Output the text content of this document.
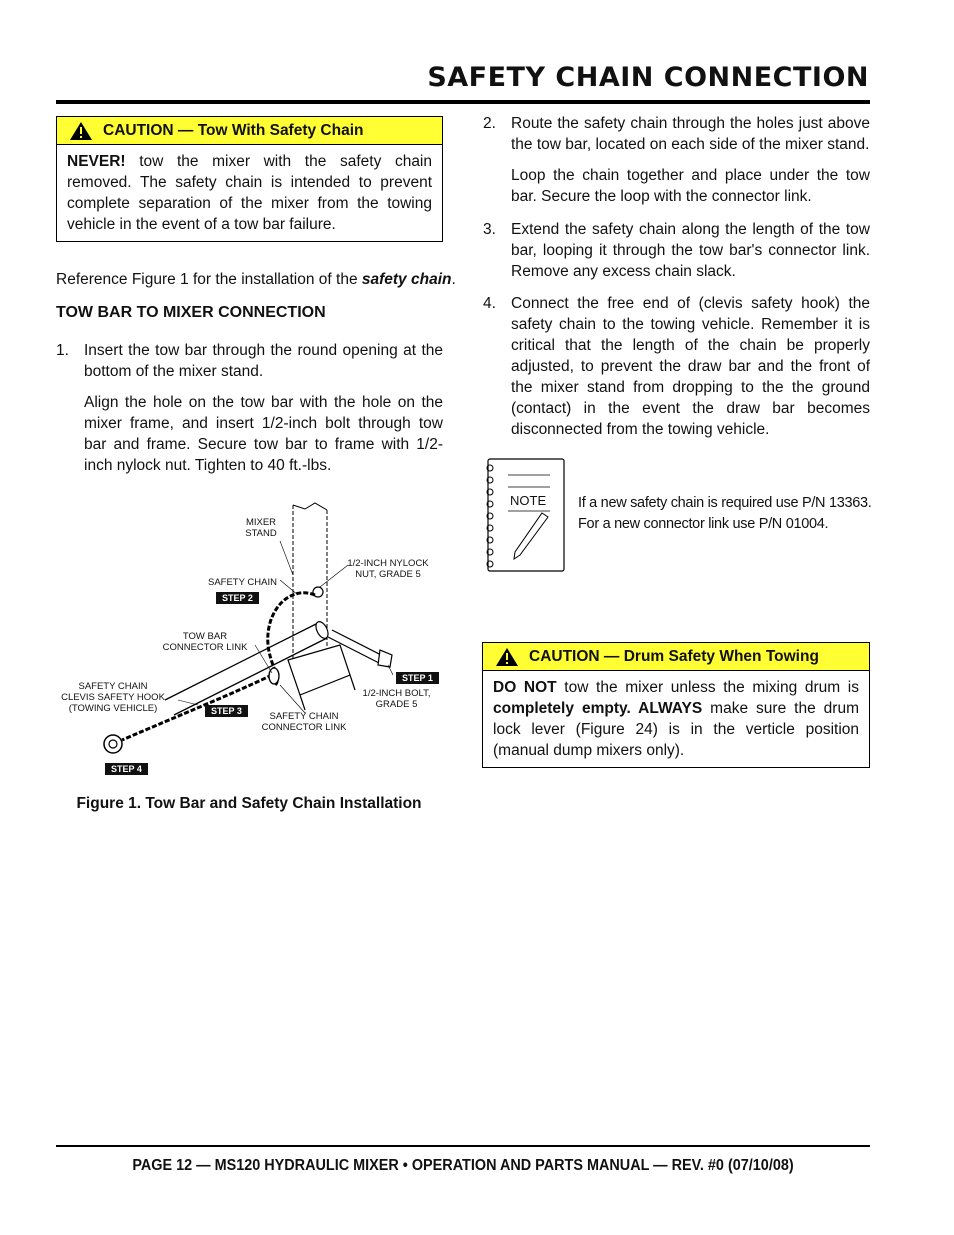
SAFETY CHAIN CONNECTION
CAUTION — Tow With Safety Chain
NEVER! tow the mixer with the safety chain removed. The safety chain is intended to prevent complete separation of the mixer from the towing vehicle in the event of a tow bar failure.
Reference Figure 1 for the installation of the safety chain.
TOW BAR TO MIXER CONNECTION
1. Insert the tow bar through the round opening at the bottom of the mixer stand.
Align the hole on the tow bar with the hole on the mixer frame, and insert 1/2-inch bolt through tow bar and frame. Secure tow bar to frame with 1/2-inch nylock nut. Tighten to 40 ft.-lbs.
MIXER
STAND
1/2-INCH NYLOCK
NUT, GRADE 5
SAFETY CHAIN
STEP 2
TOW BAR
CONNECTOR LINK
STEP 1
SAFETY CHAIN
CLEVIS SAFETY HOOK
(TOWING VEHICLE)
1/2-INCH BOLT,
GRADE 5
STEP 3	SAFETY CHAIN
CONNECTOR LINK
STEP 4
Figure 1. Tow Bar and Safety Chain Installation
2. Route the safety chain through the holes just above the tow bar, located on each side of the mixer stand.
Loop the chain together and place under the tow bar. Secure the loop with the connector link.
3. Extend the safety chain along the length of the tow bar, looping it through the tow bar's connector link. Remove any excess chain slack.
4. Connect the free end of (clevis safety hook) the safety chain to the towing vehicle. Remember it is critical that the length of the chain be properly adjusted, to prevent the draw bar and the front of the mixer stand from dropping to the the ground (contact) in the event the draw bar becomes disconnected from the towing vehicle.
NOTE If a new safety chain is required use P/N 13363.
For a new connector link use P/N 01004.
CAUTION — Drum Safety When Towing
DO NOT tow the mixer unless the mixing drum is completely empty. ALWAYS make sure the drum lock lever (Figure 24) is in the verticle position (manual dump mixers only).
PAGE 12 — MS120 HYDRAULIC MIXER • OPERATION AND PARTS MANUAL — REV. #0 (07/10/08)
